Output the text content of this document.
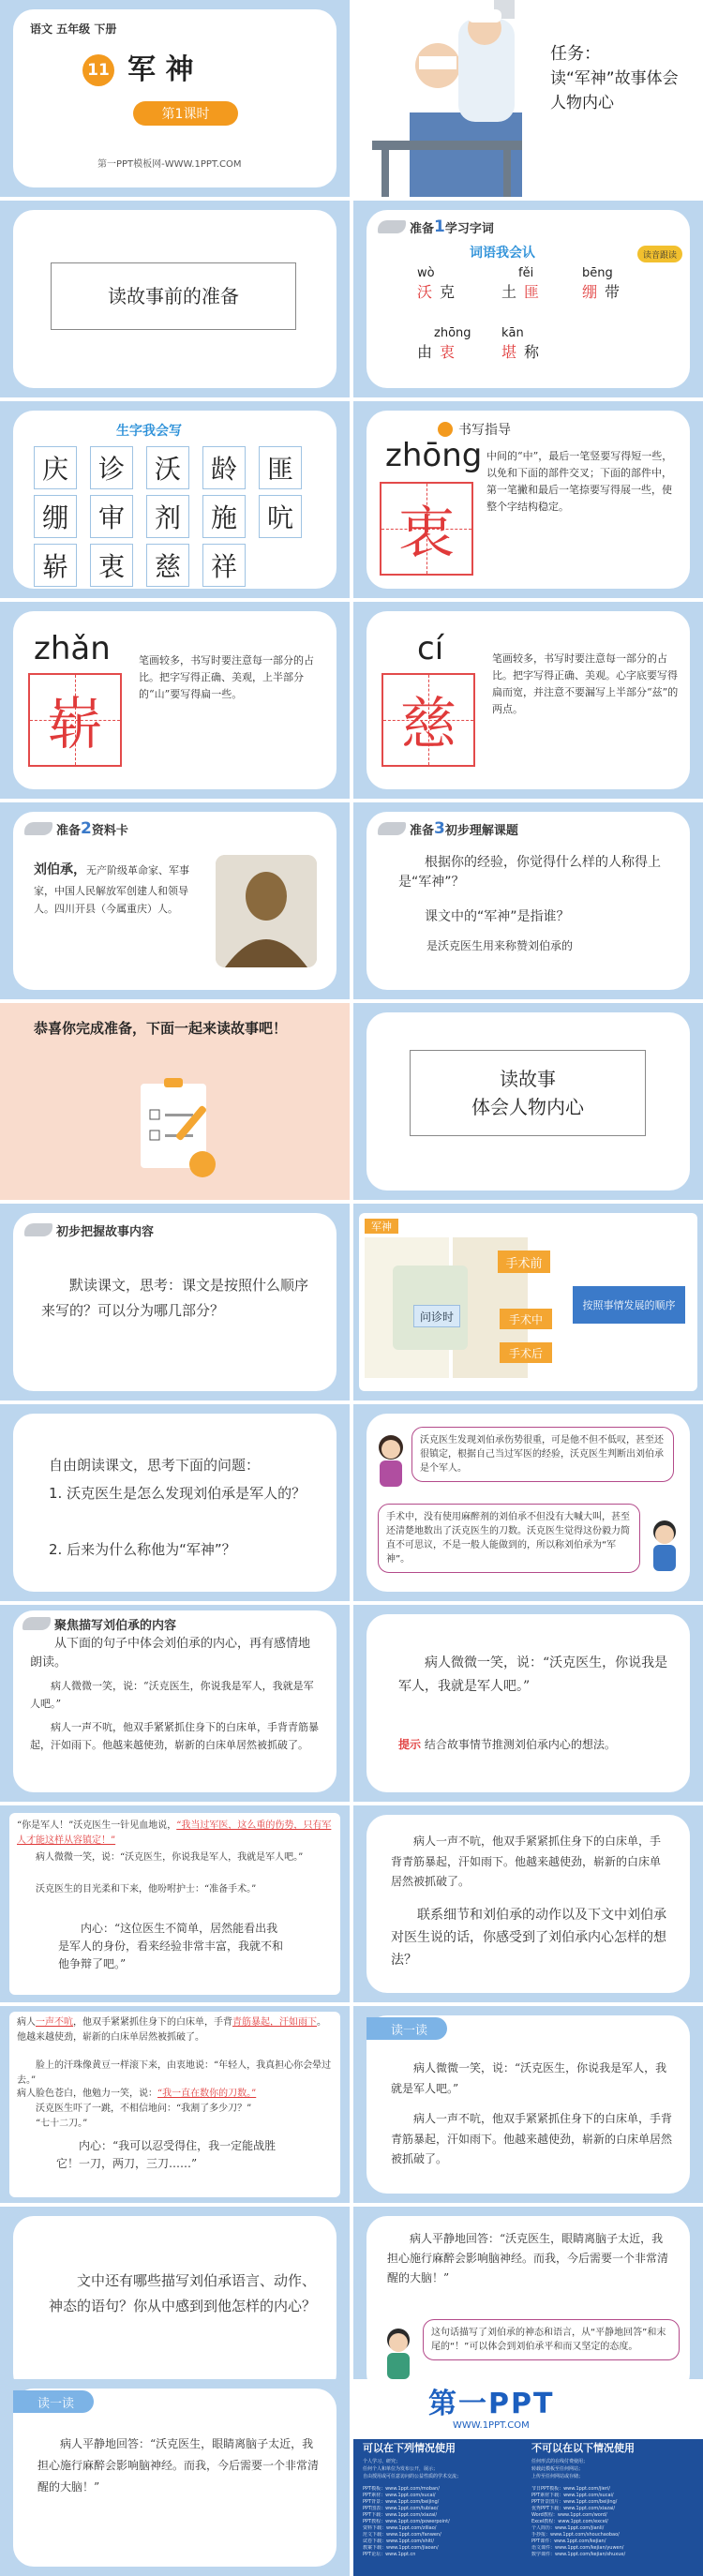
语文 五年级 下册
11 军 神
第1课时
第一PPT模板网-WWW.1PPT.COM
任务：
读“军神”故事体会人物内心
读故事前的准备
准备 1 学习字词
词语我会认	读音跟读
wò
沃克
fěi
土匪
bēng
绷带
zhōng
由衷
kān
堪称
生字我会写
庆	诊	沃	龄	匪
绷	审	剂	施	吭
崭	衷	慈	祥
书写指导
zhōng
衷
中间的“中”，最后一笔竖要写得短一些，以免和下面的部件交叉；下面的部件中，第一笔撇和最后一笔捺要写得展一些，使整个字结构稳定。
zhǎn
崭
笔画较多，书写时要注意每一部分的占比。把字写得正确、美观，上半部分的“山”要写得扁一些。
cí
慈
笔画较多，书写时要注意每一部分的占比。把字写得正确、美观。心字底要写得扁而宽，并注意不要漏写上半部分“兹”的两点。
准备 2 资料卡
刘伯承，无产阶级革命家、军事家，中国人民解放军创建人和领导人。四川开县（今属重庆）人。
准备 3 初步理解课题
根据你的经验，你觉得什么样的人称得上是“军神”？
课文中的“军神”是指谁？
是沃克医生用来称赞刘伯承的
恭喜你完成准备，下面一起来读故事吧！
读故事
体会人物内心
初步把握故事内容
默读课文，思考：课文是按照什么顺序来写的？可以分为哪几部分？
军神
问诊时
手术前
手术中
手术后
按照事情发展的顺序
自由朗读课文，思考下面的问题：
1. 沃克医生是怎么发现刘伯承是军人的？
2. 后来为什么称他为“军神”？
沃克医生发现刘伯承伤势很重，可是他不但不低叹，甚至还很镇定，根据自己当过军医的经验，沃克医生判断出刘伯承是个军人。
手术中，没有使用麻醉剂的刘伯承不但没有大喊大叫，甚至还清楚地数出了沃克医生的刀数。沃克医生觉得这份毅力简直不可思议，不是一般人能做到的，所以称刘伯承为“军神”。
聚焦描写刘伯承的内容
从下面的句子中体会刘伯承的内心，再有感情地朗读。
病人微微一笑，说：“沃克医生，你说我是军人，我就是军人吧。”
病人一声不吭，他双手紧紧抓住身下的白床单，手背青筋暴起，汗如雨下。他越来越使劲，崭新的白床单居然被抓破了。
病人微微一笑，说：“沃克医生，你说我是军人，我就是军人吧。”
提示 结合故事情节推测刘伯承内心的想法。
“你是军人！”沃克医生一针见血地说，“我当过军医，这么重的伤势，只有军人才能这样从容镇定！”
病人微微一笑，说：“沃克医生，你说我是军人，我就是军人吧。”
沃克医生的目光柔和下来，他吩咐护士：“准备手术。”
内心：“这位医生不简单，居然能看出我是军人的身份，看来经验非常丰富，我就不和他争辩了吧。”
病人一声不吭，他双手紧紧抓住身下的白床单，手背青筋暴起，汗如雨下。他越来越使劲，崭新的白床单居然被抓破了。
联系细节和刘伯承的动作以及下文中刘伯承对医生说的话，你感受到了刘伯承内心怎样的想法？
病人一声不吭，他双手紧紧抓住身下的白床单，手背青筋暴起，汗如雨下。他越来越使劲，崭新的白床单居然被抓破了。
脸上的汗珠像黄豆一样滚下来，由衷地说：“年轻人，我真担心你会晕过去。”
病人脸色苍白，他勉力一笑，说：“我一直在数你的刀数。”
沃克医生吓了一跳，不相信地问：“我割了多少刀？”
“七十二刀。”
内心：“我可以忍受得住，我一定能战胜它！一刀，两刀，三刀……”
读一读
病人微微一笑，说：“沃克医生，你说我是军人，我就是军人吧。”
病人一声不吭，他双手紧紧抓住身下的白床单，手背青筋暴起，汗如雨下。他越来越使劲，崭新的白床单居然被抓破了。
文中还有哪些描写刘伯承语言、动作、神态的语句？你从中感到到他怎样的内心？
病人平静地回答：“沃克医生，眼睛离脑子太近，我担心施行麻醉会影响脑神经。而我，今后需要一个非常清醒的大脑！”
这句话描写了刘伯承的神态和语言，从“平静地回答”和末尾的“！”可以体会到刘伯承平和而又坚定的态度。
读一读
病人平静地回答：“沃克医生，眼睛离脑子太近，我担心施行麻醉会影响脑神经。而我，今后需要一个非常清醒的大脑！”
第一PPT
WWW.1PPT.COM
可以在下列情况使用	不可以在以下情况使用
个人学习、研究；
任何个人和单位为发布公开，展示；
自由授用或可任意访问的公益性质的学术交流；
任何形式的在线付费使用；
转载此模板至任何网站；
上传至任何网站或存储；
PPT模板：www.1ppt.com/moban/
PPT素材：www.1ppt.com/sucai/
PPT背景：www.1ppt.com/beijing/
PPT图表：www.1ppt.com/tubiao/
PPT下载：www.1ppt.com/xiazai/
PPT教程：www.1ppt.com/powerpoint/
资料下载：www.1ppt.com/ziliao/
范文下载：www.1ppt.com/fanwen/
试卷下载：www.1ppt.com/shiti/
教案下载：www.1ppt.com/jiaoan/
PPT论坛：www.1ppt.cn
节日PPT模板：www.1ppt.com/jieri/
PPT素材下载：www.1ppt.com/sucai/
PPT背景图片：www.1ppt.com/beijing/
优秀PPT下载：www.1ppt.com/xiazai/
Word教程：www.1ppt.com/word/
Excel教程：www.1ppt.com/excel/
个人简历：www.1ppt.com/jianli/
手抄报：www.1ppt.com/shouchaobao/
PPT课件：www.1ppt.com/kejian/
语文课件：www.1ppt.com/kejian/yuwen/
数学课件：www.1ppt.com/kejian/shuxue/
